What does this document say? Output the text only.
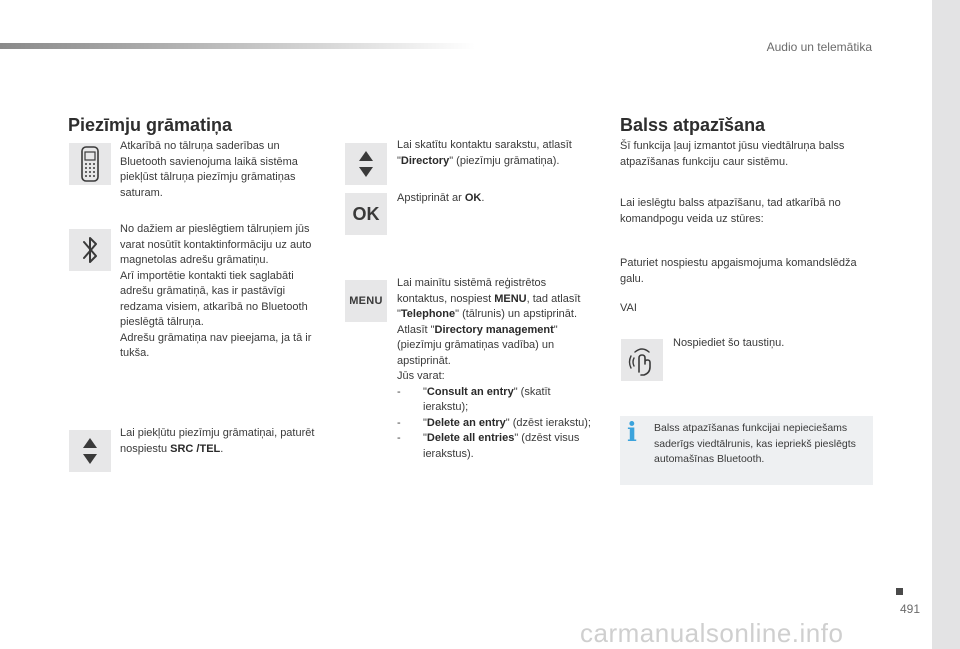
Audio un telemātika
Piezīmju grāmatiņa
Atkarībā no tālruņa saderības un Bluetooth savienojuma laikā sistēma piekļūst tālruņa piezīmju grāmatiņas saturam.

No dažiem ar pieslēgtiem tālruņiem jūs varat nosūtīt kontaktinformāciju uz auto magnetolas adrešu grāmatiņu.

Arī importētie kontakti tiek saglabāti adrešu grāmatiņā, kas ir pastāvīgi redzama visiem, atkarībā no Bluetooth pieslēgtā tālruņa.

Adrešu grāmatiņa nav pieejama, ja tā ir tukša.

Lai piekļūtu piezīmju grāmatiņai, paturēt nospiestu SRC /TEL.
Lai skatītu kontaktu sarakstu, atlasīt "Directory" (piezīmju grāmatiņa).
OK
Apstiprināt ar OK.
MENU

Lai mainītu sistēmā reģistrētos kontaktus, nospiest MENU, tad atlasīt "Telephone" (tālrunis) un apstiprināt.

Atlasīt "Directory management" (piezīmju grāmatiņas vadība) un apstiprināt.

Jūs varat:

-	"Consult an entry" (skatīt ierakstu);
-	"Delete an entry" (dzēst ierakstu);
-	"Delete all entries" (dzēst visus ierakstus).
Balss atpazīšana
Šī funkcija ļauj izmantot jūsu viedtālruņa balss atpazīšanas funkciju caur sistēmu.
Lai ieslēgtu balss atpazīšanu, tad atkarībā no komandpogu veida uz stūres:
Paturiet nospiestu apgaismojuma komandslēdža galu.
VAI
Nospiediet šo taustiņu.
i	Balss atpazīšanas funkcijai nepieciešams saderīgs viedtālrunis, kas iepriekš pieslēgts automašīnas Bluetooth.
491
carmanualsonline.info
